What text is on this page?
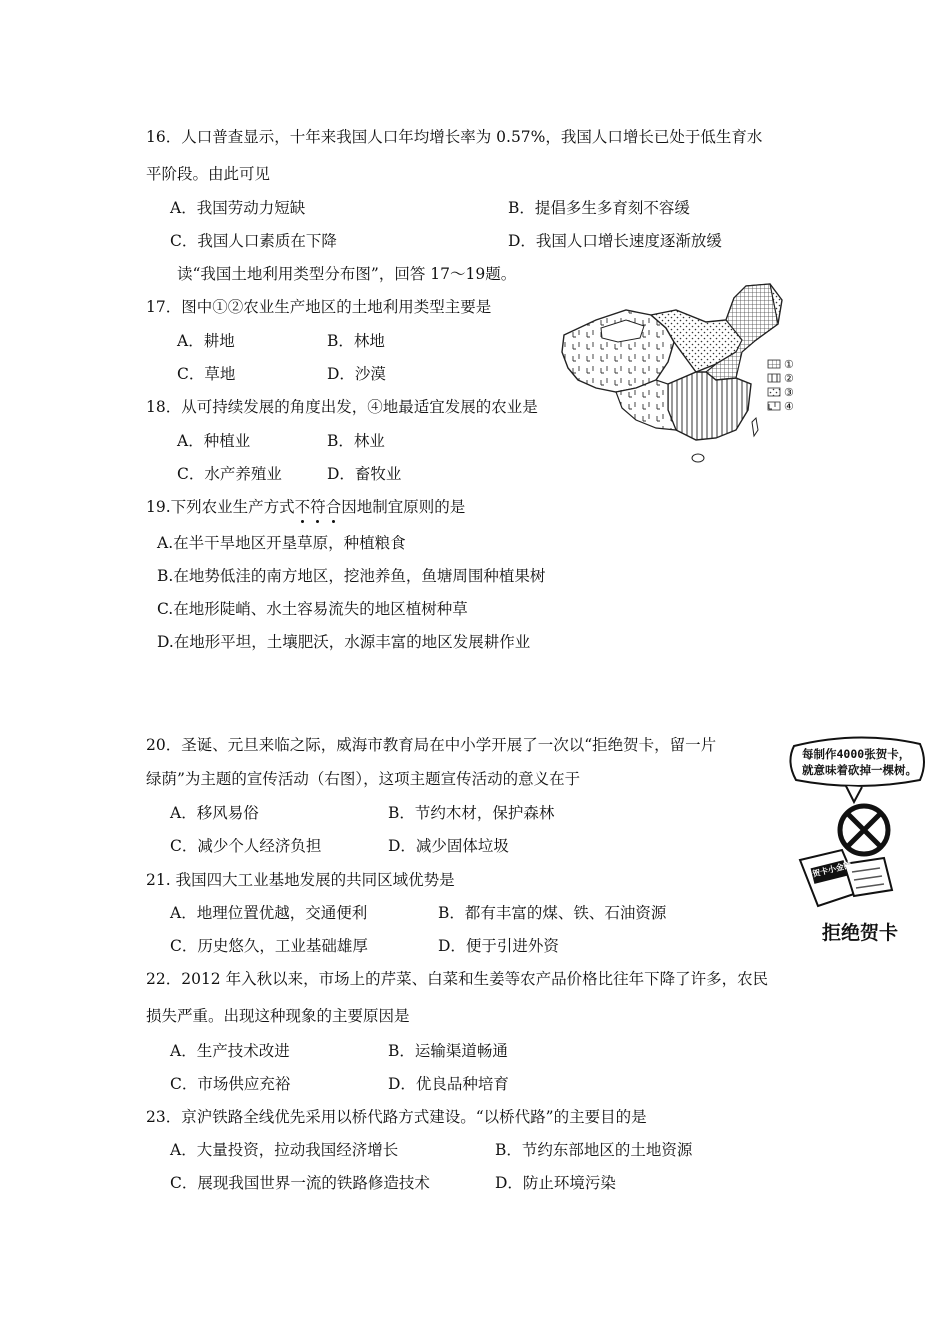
16．人口普查显示，十年来我国人口年均增长率为 0.57%，我国人口增长已处于低生育水
平阶段。由此可见
A．我国劳动力短缺	B．提倡多生多育刻不容缓
C．我国人口素质在下降	D．我国人口增长速度逐渐放缓
读“我国土地利用类型分布图”，回答 17～19题。
17．图中①②农业生产地区的土地利用类型主要是
A．耕地	B．林地
C．草地	D．沙漠
18．从可持续发展的角度出发，④地最适宜发展的农业是
A．种植业	B．林业
C．水产养殖业	D．畜牧业
①
②
③
④
19.下列农业生产方式不
符
合
因地制宜原则的是
A.在半干旱地区开垦草原，种植粮食
B.在地势低洼的南方地区，挖池养鱼，鱼塘周围种植果树
C.在地形陡峭、水土容易流失的地区植树种草
D.在地形平坦，土壤肥沃，水源丰富的地区发展耕作业
20．圣诞、元旦来临之际，威海市教育局在中小学开展了一次以“拒绝贺卡，留一片
绿荫”为主题的宣传活动（右图），这项主题宣传活动的意义在于
A．移风易俗	B．节约木材，保护森林
C．减少个人经济负担	D．减少固体垃圾
每制作4000张贺卡，
就意味着砍掉一棵树。
贺卡小金额
拒绝贺卡
21. 我国四大工业基地发展的共同区域优势是
A．地理位置优越，交通便利	B．都有丰富的煤、铁、石油资源
C．历史悠久，工业基础雄厚	D．便于引进外资
22．2012 年入秋以来，市场上的芹菜、白菜和生姜等农产品价格比往年下降了许多，农民
损失严重。出现这种现象的主要原因是
A．生产技术改进	B．运输渠道畅通
C．市场供应充裕	D．优良品种培育
23．京沪铁路全线优先采用以桥代路方式建设。“以桥代路”的主要目的是
A．大量投资，拉动我国经济增长	B．节约东部地区的土地资源
C．展现我国世界一流的铁路修造技术	D．防止环境污染
